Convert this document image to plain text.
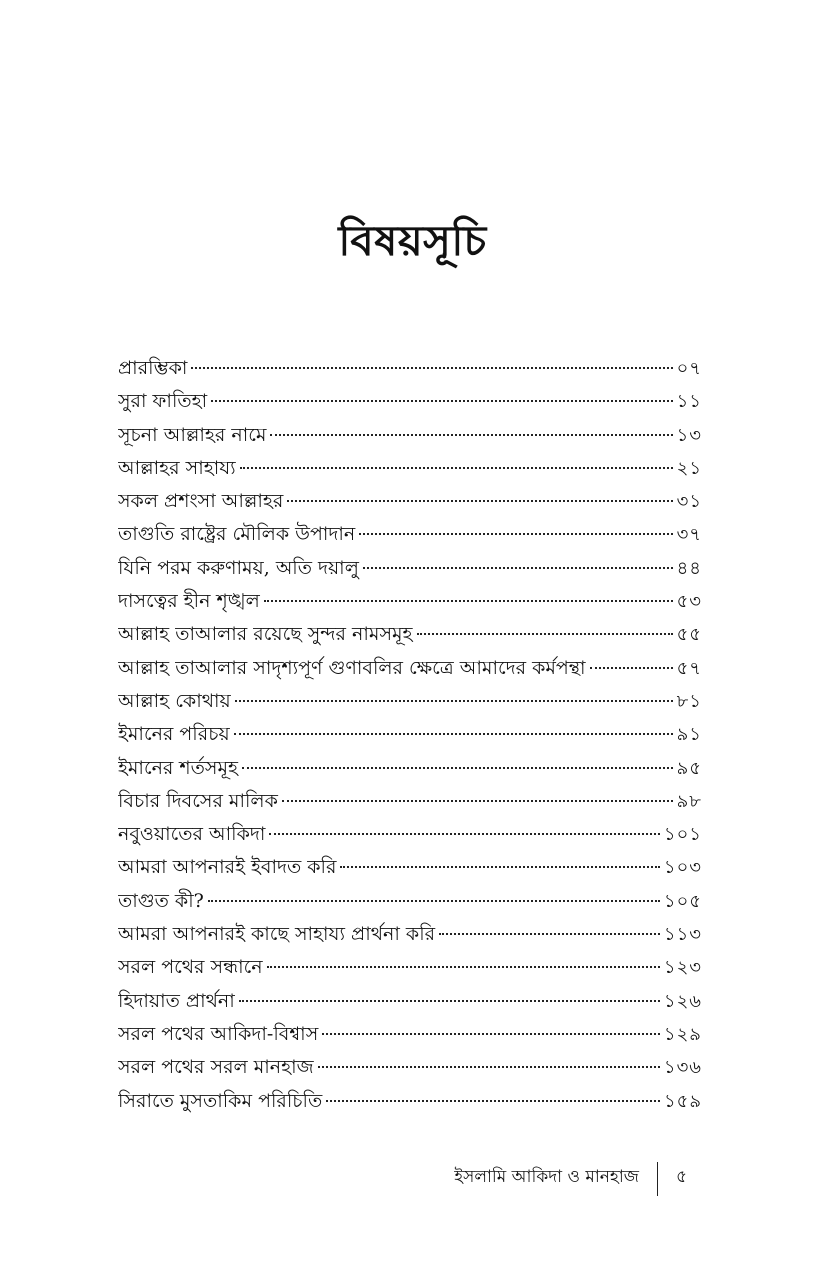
বিষয়সূচি
প্রারম্ভিকা	০৭
সুরা ফাতিহা	১১
সূচনা আল্লাহর নামে	১৩
আল্লাহর সাহায্য	২১
সকল প্রশংসা আল্লাহর	৩১
তাগুতি রাষ্ট্রের মৌলিক উপাদান	৩৭
যিনি পরম করুণাময়, অতি দয়ালু	৪৪
দাসত্বের হীন শৃঙ্খল	৫৩
আল্লাহ তাআলার রয়েছে সুন্দর নামসমূহ	৫৫
আল্লাহ তাআলার সাদৃশ্যপূর্ণ গুণাবলির ক্ষেত্রে আমাদের কর্মপন্থা	৫৭
আল্লাহ কোথায়	৮১
ইমানের পরিচয়	৯১
ইমানের শর্তসমূহ	৯৫
বিচার দিবসের মালিক	৯৮
নবুওয়াতের আকিদা	১০১
আমরা আপনারই ইবাদত করি	১০৩
তাগুত কী?	১০৫
আমরা আপনারই কাছে সাহায্য প্রার্থনা করি	১১৩
সরল পথের সন্ধানে	১২৩
হিদায়াত প্রার্থনা	১২৬
সরল পথের আকিদা-বিশ্বাস	১২৯
সরল পথের সরল মানহাজ	১৩৬
সিরাতে মুসতাকিম পরিচিতি	১৫৯
ইসলামি আকিদা ও মানহাজ ৫
